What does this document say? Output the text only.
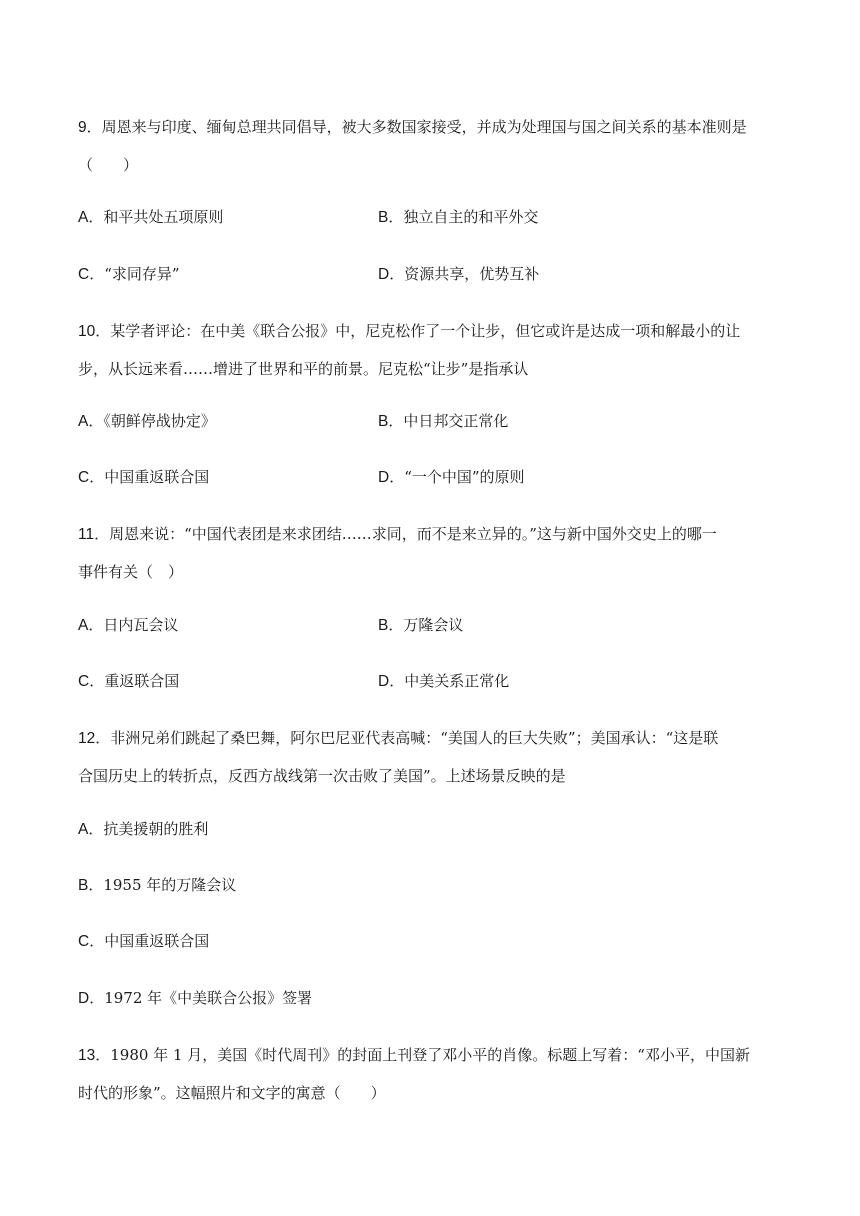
9．周恩来与印度、缅甸总理共同倡导，被大多数国家接受，并成为处理国与国之间关系的基本准则是
（　　）
A．和平共处五项原则	B．独立自主的和平外交
C．“求同存异”	D．资源共享，优势互补
10．某学者评论：在中美《联合公报》中，尼克松作了一个让步，但它或许是达成一项和解最小的让
步，从长远来看……增进了世界和平的前景。尼克松“让步”是指承认
A．《朝鲜停战协定》	B．中日邦交正常化
C．中国重返联合国	D．“一个中国”的原则
11．周恩来说：“中国代表团是来求团结……求同，而不是来立异的。”这与新中国外交史上的哪一
事件有关（　）
A．日内瓦会议	B．万隆会议
C．重返联合国	D．中美关系正常化
12．非洲兄弟们跳起了桑巴舞，阿尔巴尼亚代表高喊：“美国人的巨大失败”；美国承认：“这是联
合国历史上的转折点，反西方战线第一次击败了美国”。上述场景反映的是
A．抗美援朝的胜利
B．1955 年的万隆会议
C．中国重返联合国
D．1972 年《中美联合公报》签署
13．1980 年 1 月，美国《时代周刊》的封面上刊登了邓小平的肖像。标题上写着：“邓小平，中国新
时代的形象”。这幅照片和文字的寓意（　　）
